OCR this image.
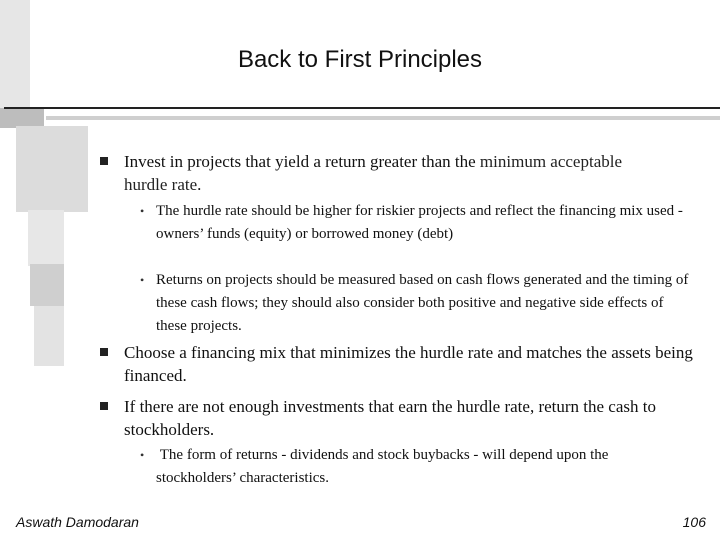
Back to First Principles
Invest in projects that yield a return greater than the minimum acceptable hurdle rate.
• The hurdle rate should be higher for riskier projects and reflect the financing mix used - owners’ funds (equity) or borrowed money (debt)
• Returns on projects should be measured based on cash flows generated and the timing of these cash flows; they should also consider both positive and negative side effects of these projects.
Choose a financing mix that minimizes the hurdle rate and matches the assets being financed.
If there are not enough investments that earn the hurdle rate, return the cash to stockholders.
• The form of returns - dividends and stock buybacks - will depend upon the stockholders’ characteristics.
Aswath Damodaran	106
